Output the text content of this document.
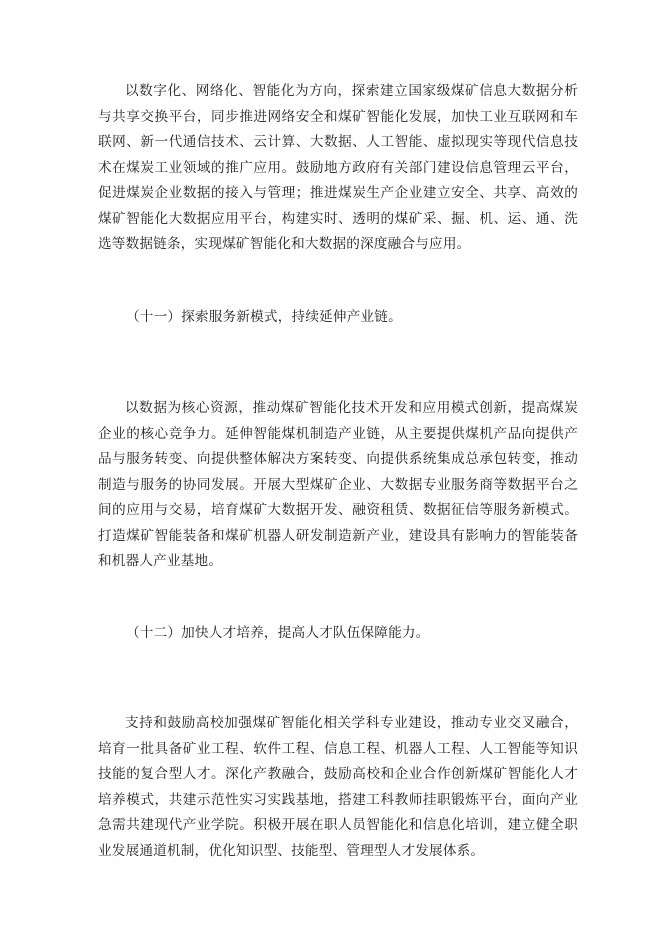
以数字化、网络化、智能化为方向，探索建立国家级煤矿信息大数据分析与共享交换平台，同步推进网络安全和煤矿智能化发展，加快工业互联网和车联网、新一代通信技术、云计算、大数据、人工智能、虚拟现实等现代信息技术在煤炭工业领域的推广应用。鼓励地方政府有关部门建设信息管理云平台，促进煤炭企业数据的接入与管理；推进煤炭生产企业建立安全、共享、高效的煤矿智能化大数据应用平台，构建实时、透明的煤矿采、掘、机、运、通、洗选等数据链条，实现煤矿智能化和大数据的深度融合与应用。

（十一）探索服务新模式，持续延伸产业链。

以数据为核心资源，推动煤矿智能化技术开发和应用模式创新，提高煤炭企业的核心竞争力。延伸智能煤机制造产业链，从主要提供煤机产品向提供产品与服务转变、向提供整体解决方案转变、向提供系统集成总承包转变，推动制造与服务的协同发展。开展大型煤矿企业、大数据专业服务商等数据平台之间的应用与交易，培育煤矿大数据开发、融资租赁、数据征信等服务新模式。打造煤矿智能装备和煤矿机器人研发制造新产业，建设具有影响力的智能装备和机器人产业基地。

（十二）加快人才培养，提高人才队伍保障能力。

支持和鼓励高校加强煤矿智能化相关学科专业建设，推动专业交叉融合，培育一批具备矿业工程、软件工程、信息工程、机器人工程、人工智能等知识技能的复合型人才。深化产教融合，鼓励高校和企业合作创新煤矿智能化人才培养模式，共建示范性实习实践基地，搭建工科教师挂职锻炼平台，面向产业急需共建现代产业学院。积极开展在职人员智能化和信息化培训，建立健全职业发展通道机制，优化知识型、技能型、管理型人才发展体系。
